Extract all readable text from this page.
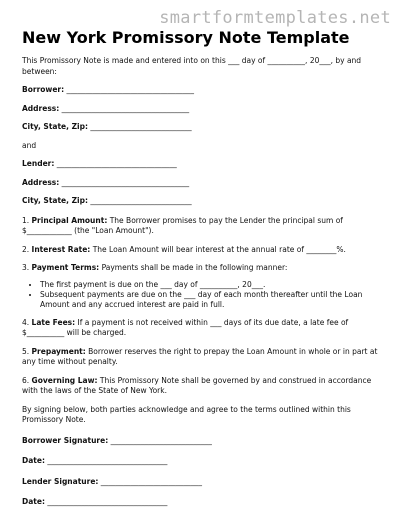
smartformtemplates.net
New York Promissory Note Template

This Promissory Note is made and entered into on this ___ day of __________, 20___, by and between:

Borrower: __________________________________

Address: __________________________________

City, State, Zip: ___________________________

and

Lender: ________________________________

Address: __________________________________

City, State, Zip: ___________________________

1. Principal Amount: The Borrower promises to pay the Lender the principal sum of $____________ (the "Loan Amount").

2. Interest Rate: The Loan Amount will bear interest at the annual rate of ________%.

3. Payment Terms: Payments shall be made in the following manner:

• The first payment is due on the ___ day of __________, 20___.
• Subsequent payments are due on the ___ day of each month thereafter until the Loan Amount and any accrued interest are paid in full.

4. Late Fees: If a payment is not received within ___ days of its due date, a late fee of $__________ will be charged.

5. Prepayment: Borrower reserves the right to prepay the Loan Amount in whole or in part at any time without penalty.

6. Governing Law: This Promissory Note shall be governed by and construed in accordance with the laws of the State of New York.

By signing below, both parties acknowledge and agree to the terms outlined within this Promissory Note.

Borrower Signature: ___________________________

Date: ________________________________

Lender Signature: ___________________________

Date: ________________________________
